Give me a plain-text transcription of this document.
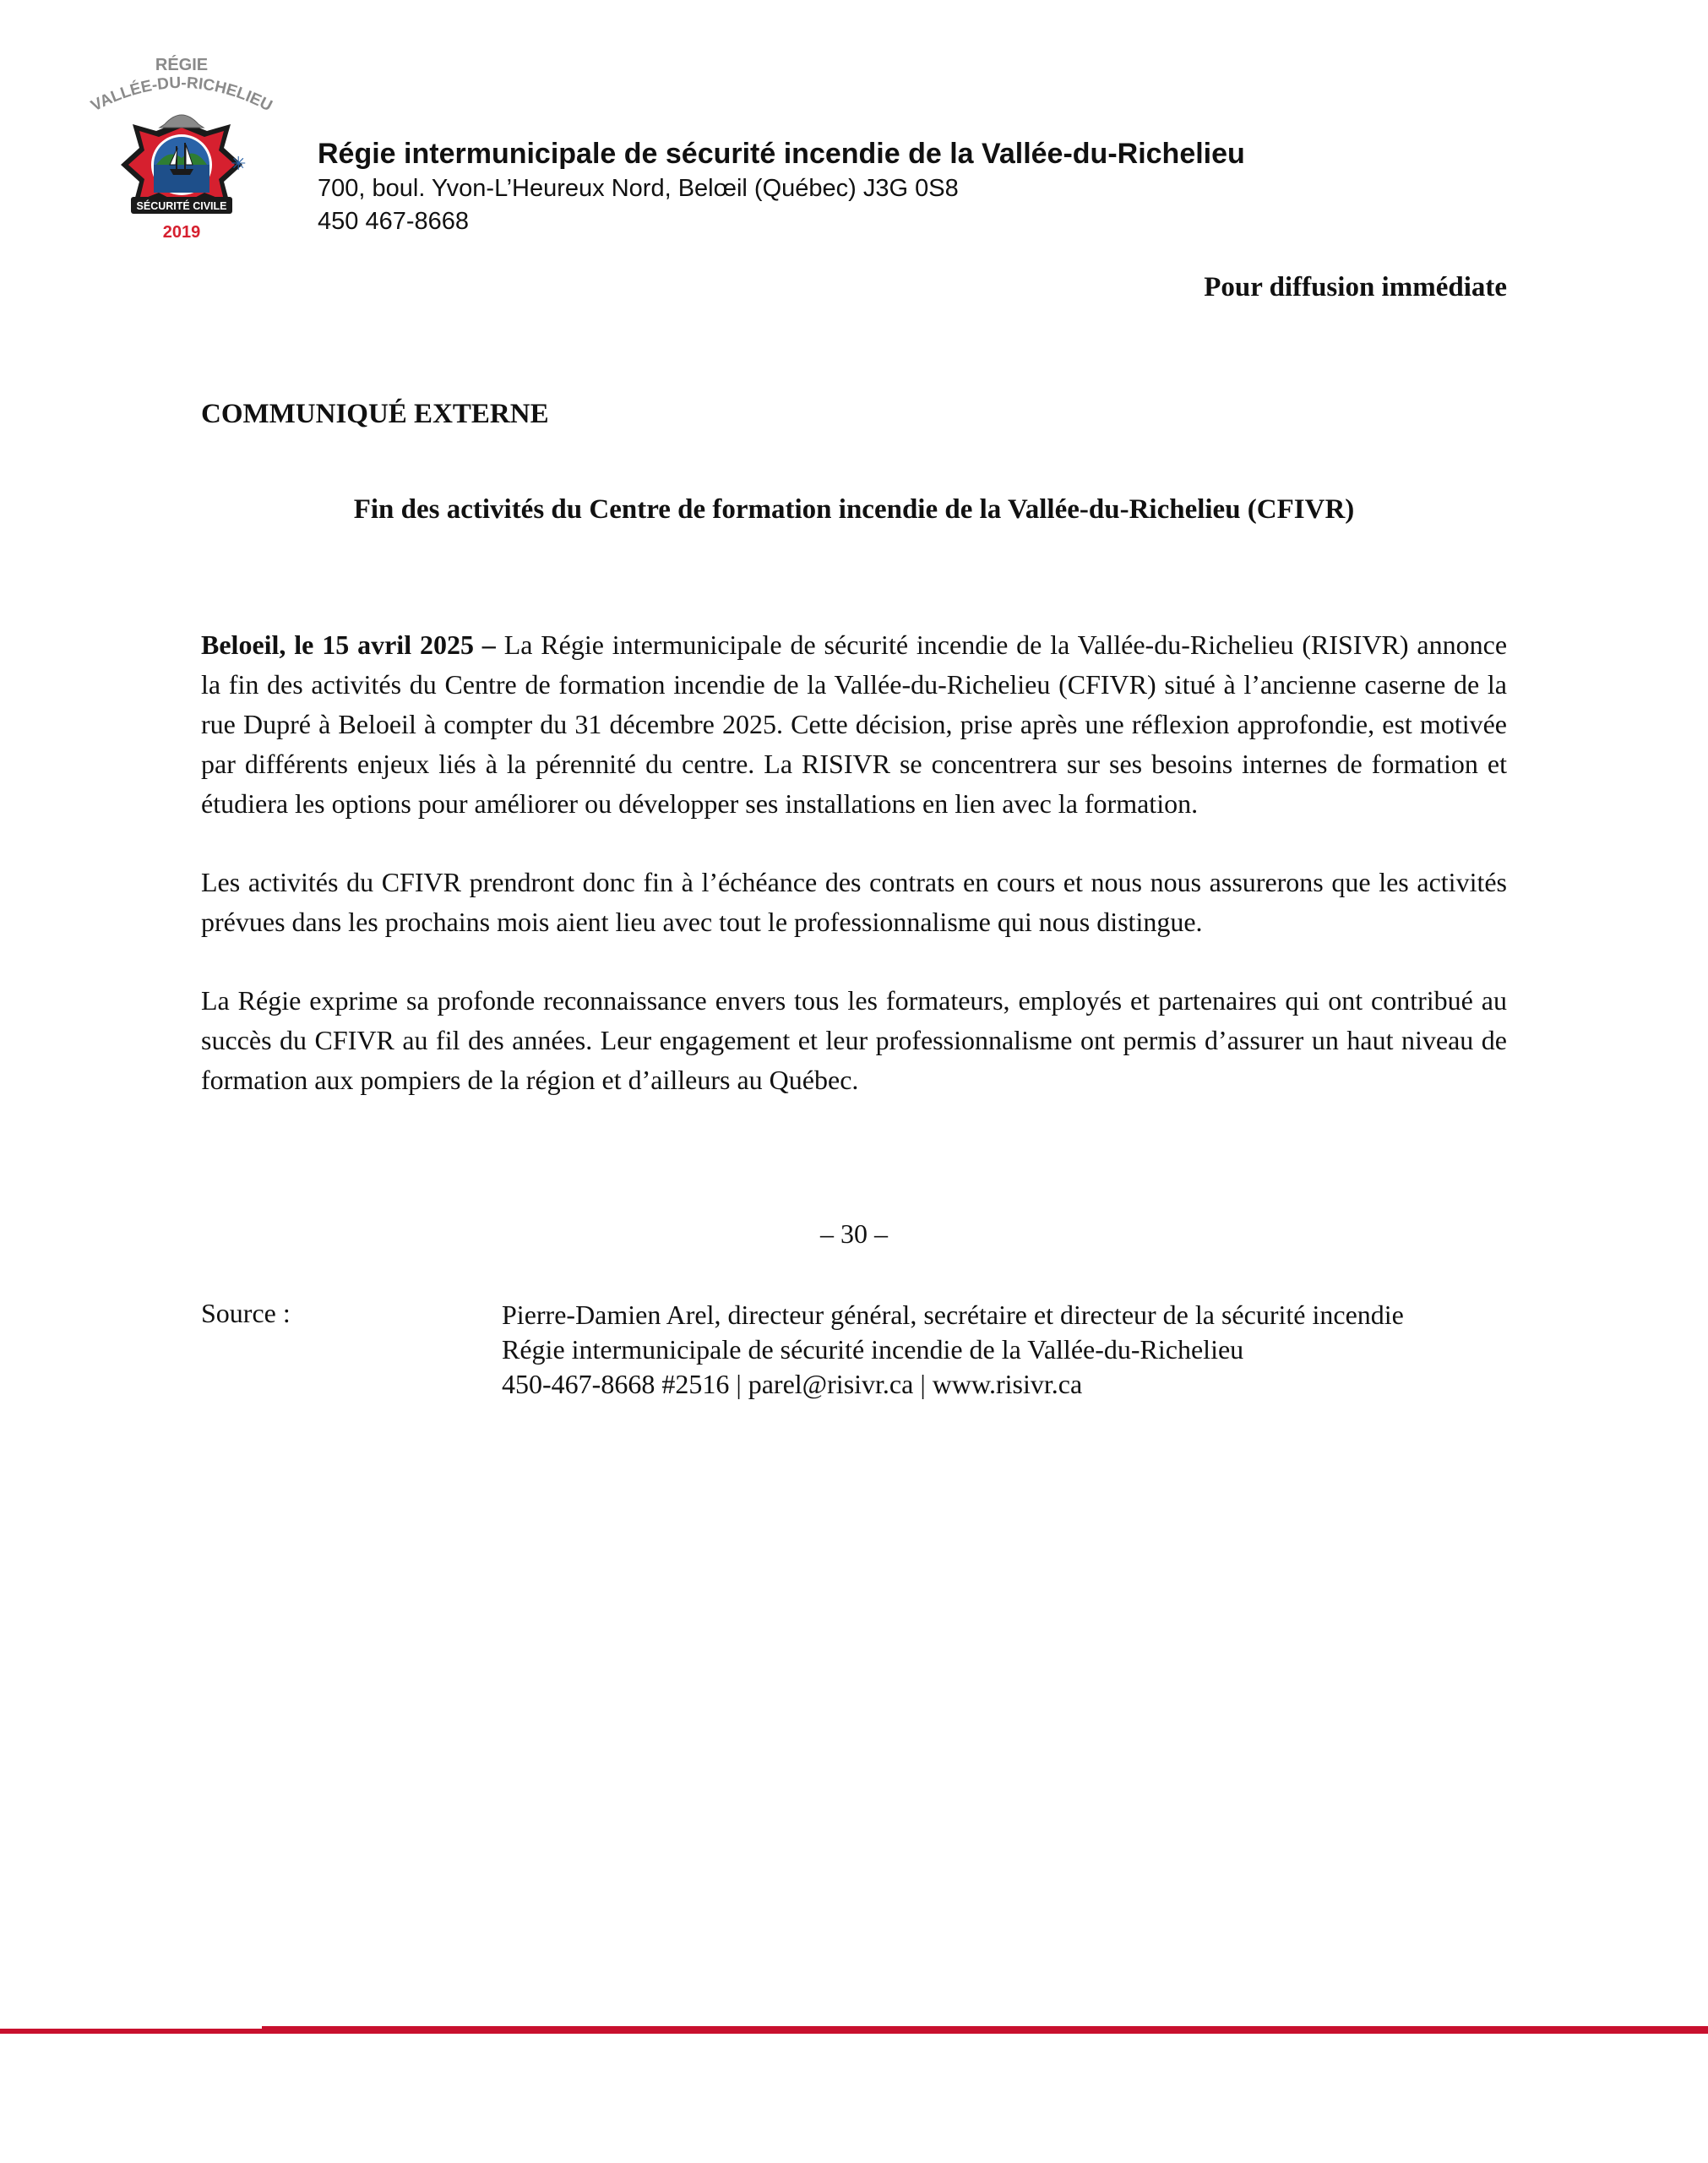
RÉGIE
VALLÉE-DU-RICHELIEU
✳
SÉCURITÉ CIVILE
2019
Régie intermunicipale de sécurité incendie de la Vallée-du-Richelieu
700, boul. Yvon-L’Heureux Nord, Belœil (Québec) J3G 0S8
450 467-8668
Pour diffusion immédiate
COMMUNIQUÉ EXTERNE
Fin des activités du Centre de formation incendie de la Vallée-du-Richelieu (CFIVR)

Beloeil, le 15 avril 2025 – La Régie intermunicipale de sécurité incendie de la Vallée-du-Richelieu (RISIVR) annonce la fin des activités du Centre de formation incendie de la Vallée-du-Richelieu (CFIVR) situé à l’ancienne caserne de la rue Dupré à Beloeil à compter du 31 décembre 2025. Cette décision, prise après une réflexion approfondie, est motivée par différents enjeux liés à la pérennité du centre. La RISIVR se concentrera sur ses besoins internes de formation et étudiera les options pour améliorer ou développer ses installations en lien avec la formation.

Les activités du CFIVR prendront donc fin à l’échéance des contrats en cours et nous nous assurerons que les activités prévues dans les prochains mois aient lieu avec tout le professionnalisme qui nous distingue.

La Régie exprime sa profonde reconnaissance envers tous les formateurs, employés et partenaires qui ont contribué au succès du CFIVR au fil des années. Leur engagement et leur professionnalisme ont permis d’assurer un haut niveau de formation aux pompiers de la région et d’ailleurs au Québec.

– 30 –
Source :	Pierre-Damien Arel, directeur général, secrétaire et directeur de la sécurité incendie
Régie intermunicipale de sécurité incendie de la Vallée-du-Richelieu
450-467-8668 #2516 | parel@risivr.ca | www.risivr.ca
